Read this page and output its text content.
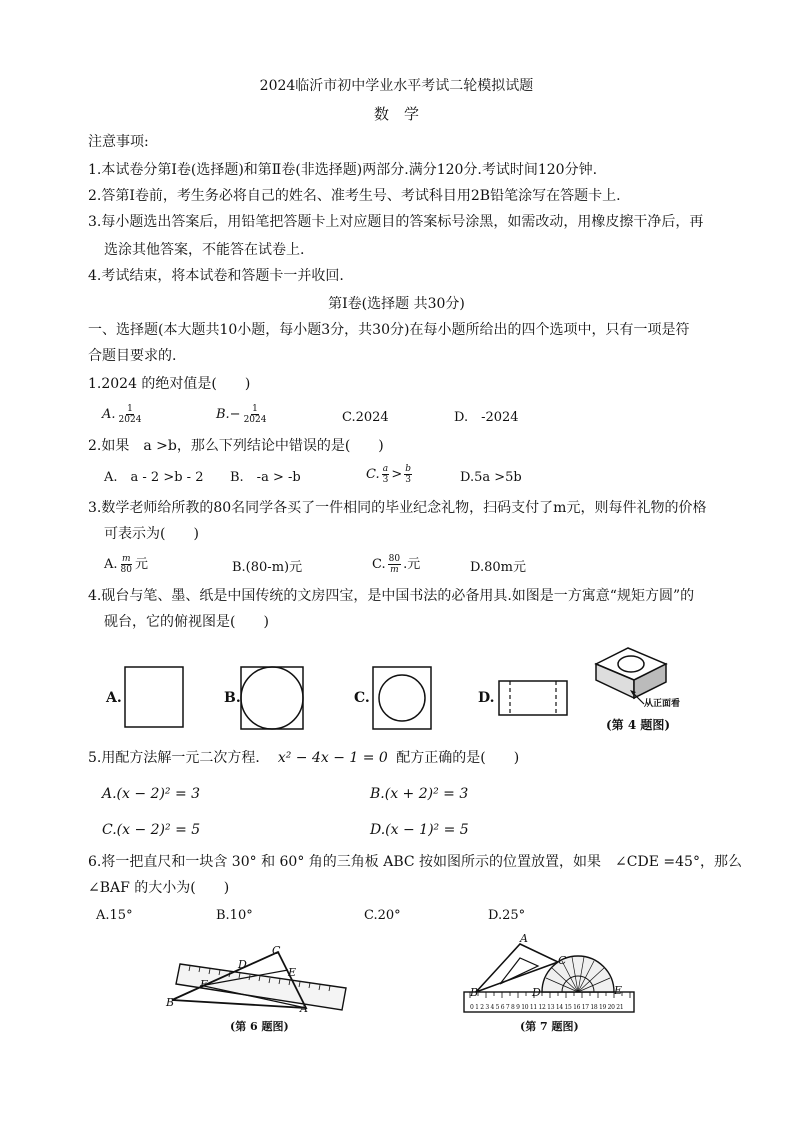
2024临沂市初中学业水平考试二轮模拟试题
数　学
注意事项:
1.本试卷分第Ⅰ卷(选择题)和第Ⅱ卷(非选择题)两部分.满分120分.考试时间120分钟.
2.答第Ⅰ卷前，考生务必将自己的姓名、准考生号、考试科目用2B铅笔涂写在答题卡上.
3.每小题选出答案后，用铅笔把答题卡上对应题目的答案标号涂黑，如需改动，用橡皮擦干净后，再
选涂其他答案，不能答在试卷上.
4.考试结束，将本试卷和答题卡一并收回.
第Ⅰ卷(选择题 共30分)
一、选择题(本大题共10小题，每小题3分，共30分)在每小题所给出的四个选项中，只有一项是符
合题目要求的.
1.2024 的绝对值是(　　)
A. $\frac{1}{2024}$	$B.- \frac{1}{2024}$	C.2024	D.　-2024
2.如果　a >b，那么下列结论中错误的是(　　)
A.　a - 2 >b - 2 B.　-a > -b	C. $\frac{a}{3} > \frac{b}{3}$	D.5a >5b
3.数学老师给所教的80名同学各买了一件相同的毕业纪念礼物，扫码支付了m元，则每件礼物的价格
可表示为(　　)
A. $\frac{m}{80}$ 元	B.(80-m)元	C. $\frac{80}{m}$ .元	D.80m元
4.砚台与笔、墨、纸是中国传统的文房四宝，是中国书法的必备用具.如图是一方寓意“规矩方圆”的
砚台，它的俯视图是(　　)
A.	B.	C.	D.	从正面看
(第 4 题图)
5.用配方法解一元二次方程． x² − 4x − 1 = 0 配方正确的是(　　)
A.(x − 2)² = 3	B.(x + 2)² = 3
C.(x − 2)² = 5	D.(x − 1)² = 5
6.将一把直尺和一块含 30° 和 60° 角的三角板 ABC 按如图所示的位置放置，如果　∠CDE =45°，那么
∠BAF 的大小为(　　)
A.15°	B.10°	C.20°	D.25°
B
F
D
C
E
A
(第 6 题图)
0 1 2 3 4 5 6 7 8 9 10 11 12 13 14 15 16 17 18 19 20 21
A
B
C
D	E
(第 7 题图)
